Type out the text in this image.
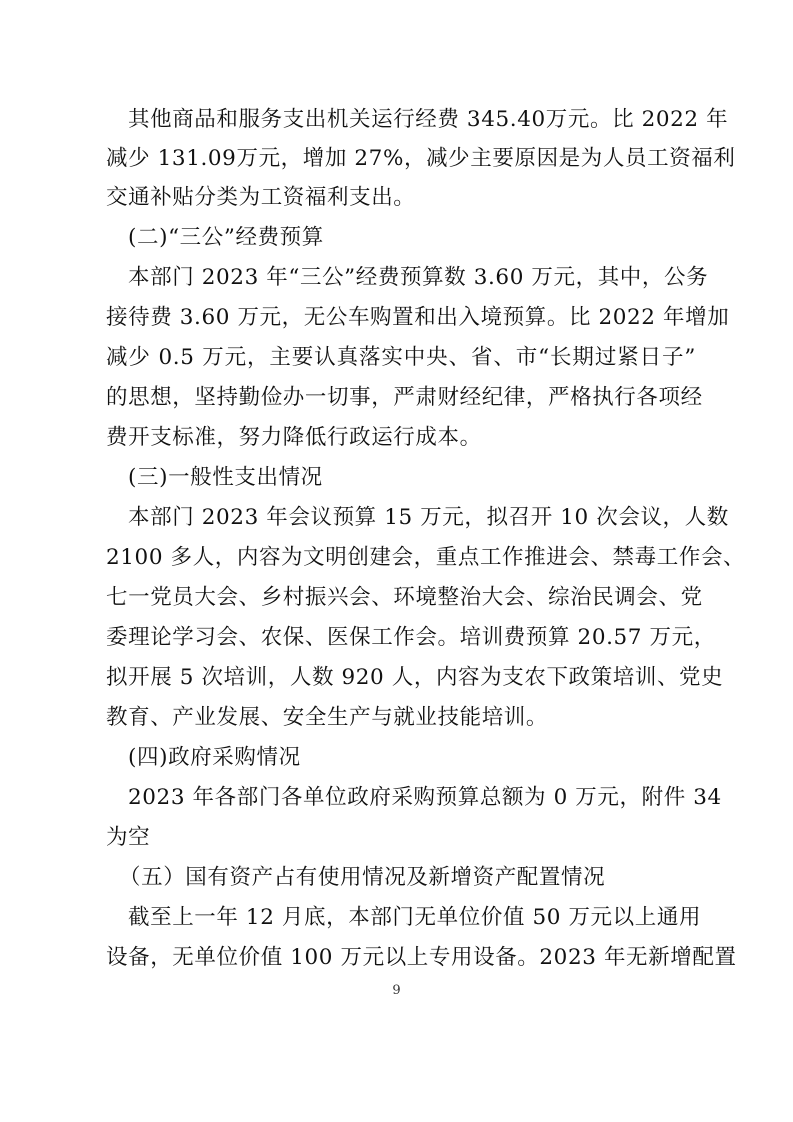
其他商品和服务支出机关运行经费 345.40万元。比 2022 年
减少 131.09万元，增加 27%，减少主要原因是为人员工资福利
交通补贴分类为工资福利支出。
(二)“三公”经费预算
本部门 2023 年“三公”经费预算数 3.60 万元，其中，公务
接待费 3.60 万元，无公车购置和出入境预算。比 2022 年增加
减少 0.5 万元，主要认真落实中央、省、市“长期过紧日子”
的思想，坚持勤俭办一切事，严肃财经纪律，严格执行各项经
费开支标准，努力降低行政运行成本。
(三)一般性支出情况
本部门 2023 年会议预算 15 万元，拟召开 10 次会议，人数
2100 多人，内容为文明创建会，重点工作推进会、禁毒工作会、
七一党员大会、乡村振兴会、环境整治大会、综治民调会、党
委理论学习会、农保、医保工作会。培训费预算 20.57 万元，
拟开展 5 次培训，人数 920 人，内容为支农下政策培训、党史
教育、产业发展、安全生产与就业技能培训。
(四)政府采购情况
2023 年各部门各单位政府采购预算总额为 0 万元，附件 34
为空
（五）国有资产占有使用情况及新增资产配置情况
截至上一年 12 月底，本部门无单位价值 50 万元以上通用
设备，无单位价值 100 万元以上专用设备。2023 年无新增配置
9
